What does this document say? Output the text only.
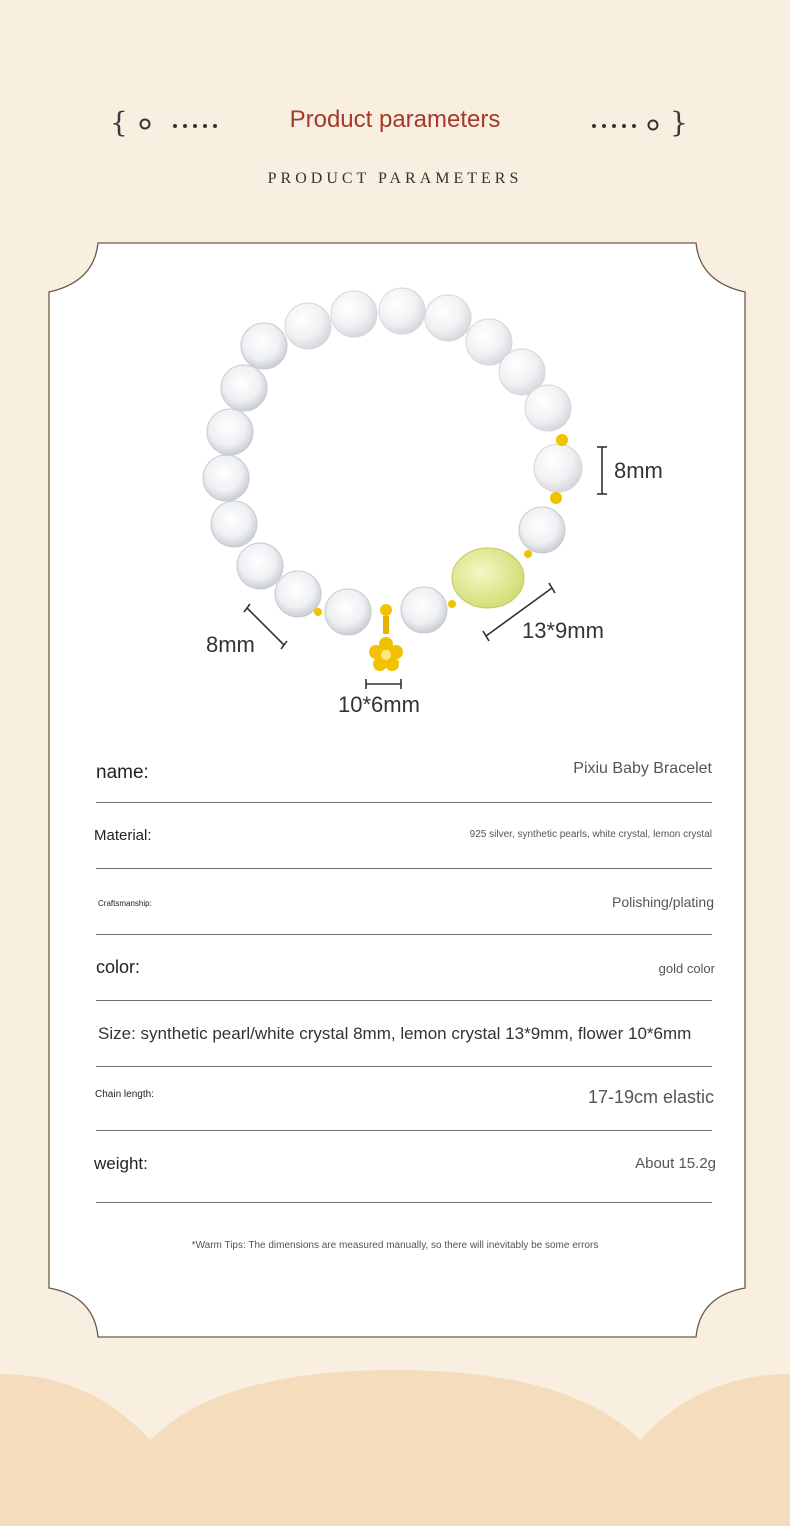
{	}
Product parameters
PRODUCT PARAMETERS
8mm
8mm
13*9mm
10*6mm
name:	Pixiu Baby Bracelet
Material:	925 silver, synthetic pearls, white crystal, lemon crystal
Craftsmanship:	Polishing/plating
color:	gold color
Size: synthetic pearl/white crystal 8mm, lemon crystal 13*9mm, flower 10*6mm
Chain length:	17-19cm elastic
weight:	About 15.2g
*Warm Tips: The dimensions are measured manually, so there will inevitably be some errors
